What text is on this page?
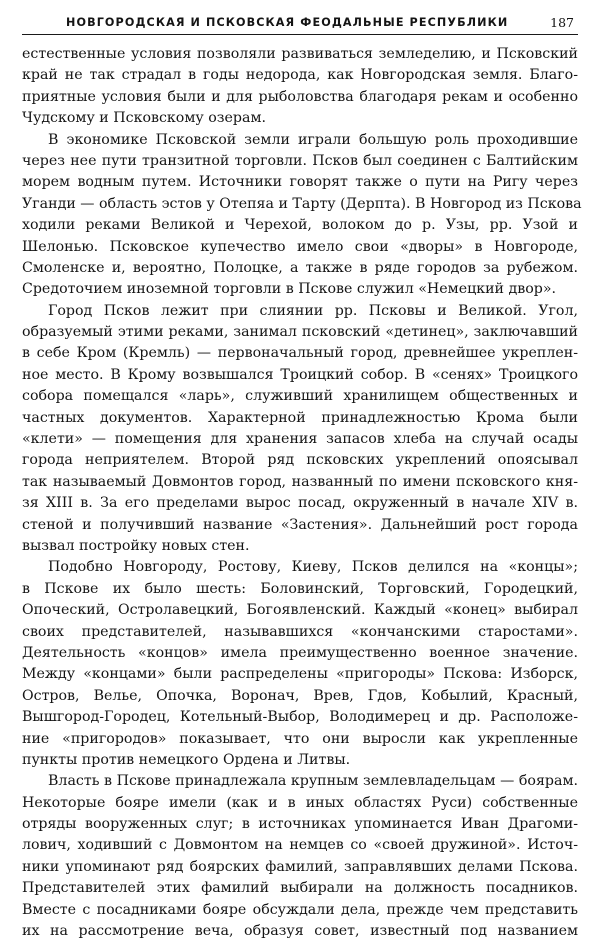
НОВГОРОДСКАЯ И ПСКОВСКАЯ ФЕОДАЛЬНЫЕ РЕСПУБЛИКИ	187
естественные условия позволяли развиваться земледелию, и Псковский
край не так страдал в годы недорода, как Новгородская земля. Благо-
приятные условия были и для рыболовства благодаря рекам и особенно
Чудскому и Псковскому озерам.
В экономике Псковской земли играли большую роль проходившие
через нее пути транзитной торговли. Псков был соединен с Балтийским
морем водным путем. Источники говорят также о пути на Ригу через
Уганди — область эстов у Отепяа и Тарту (Дерпта). В Новгород из Пскова
ходили реками Великой и Черехой, волоком до р. Узы, рр. Узой и
Шелонью. Псковское купечество имело свои «дворы» в Новгороде,
Смоленске и, вероятно, Полоцке, а также в ряде городов за рубежом.
Средоточием иноземной торговли в Пскове служил «Немецкий двор».
Город Псков лежит при слиянии рр. Псковы и Великой. Угол,
образуемый этими реками, занимал псковский «детинец», заключавший
в себе Кром (Кремль) — первоначальный город, древнейшее укреплен-
ное место. В Крому возвышался Троицкий собор. В «сенях» Троицкого
собора помещался «ларь», служивший хранилищем общественных и
частных документов. Характерной принадлежностью Крома были
«клети» — помещения для хранения запасов хлеба на случай осады
города неприятелем. Второй ряд псковских укреплений опоясывал
так называемый Довмонтов город, названный по имени псковского кня-
зя XIII в. За его пределами вырос посад, окруженный в начале XIV в.
стеной и получивший название «Застения». Дальнейший рост города
вызвал постройку новых стен.
Подобно Новгороду, Ростову, Киеву, Псков делился на «концы»;
в Пскове их было шесть: Боловинский, Торговский, Городецкий,
Опоческий, Остролавецкий, Богоявленский. Каждый «конец» выбирал
своих представителей, называвшихся «кончанскими старостами».
Деятельность «концов» имела преимущественно военное значение.
Между «концами» были распределены «пригороды» Пскова: Изборск,
Остров, Велье, Опочка, Воронач, Врев, Гдов, Кобылий, Красный,
Вышгород-Городец, Котельный-Выбор, Володимерец и др. Расположе-
ние «пригородов» показывает, что они выросли как укрепленные
пункты против немецкого Ордена и Литвы.
Власть в Пскове принадлежала крупным землевладельцам — боярам.
Некоторые бояре имели (как и в иных областях Руси) собственные
отряды вооруженных слуг; в источниках упоминается Иван Драгоми-
лович, ходивший с Довмонтом на немцев со «своей дружиной». Источ-
ники упоминают ряд боярских фамилий, заправлявших делами Пскова.
Представителей этих фамилий выбирали на должность посадников.
Вместе с посадниками бояре обсуждали дела, прежде чем представить
их на рассмотрение веча, образуя совет, известный под названием
